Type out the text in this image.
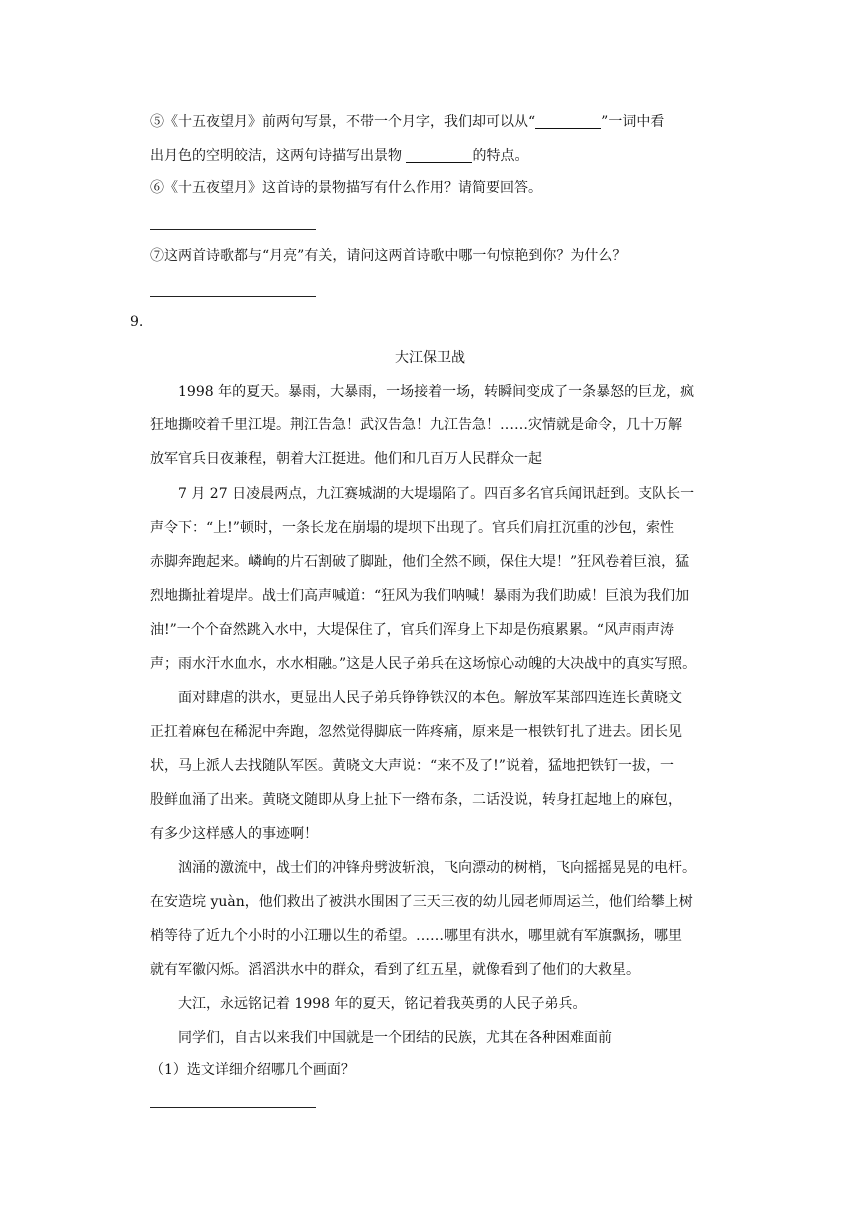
⑤《十五夜望月》前两句写景，不带一个月字，我们却可以从“	”一词中看
出月色的空明皎洁，这两句诗描写出景物	的特点。
⑥《十五夜望月》这首诗的景物描写有什么作用？请简要回答。
⑦这两首诗歌都与“月亮”有关，请问这两首诗歌中哪一句惊艳到你？为什么？
9.
大江保卫战
1998 年的夏天。暴雨，大暴雨，一场接着一场，转瞬间变成了一条暴怒的巨龙，疯
狂地撕咬着千里江堤。荆江告急！武汉告急！九江告急！……灾情就是命令，几十万解
放军官兵日夜兼程，朝着大江挺进。他们和几百万人民群众一起
7 月 27 日凌晨两点，九江赛城湖的大堤塌陷了。四百多名官兵闻讯赶到。支队长一
声令下：“上!”顿时，一条长龙在崩塌的堤坝下出现了。官兵们肩扛沉重的沙包，索性
赤脚奔跑起来。嶙峋的片石割破了脚趾，他们全然不顾，保住大堤！”狂风卷着巨浪，猛
烈地撕扯着堤岸。战士们高声喊道：“狂风为我们呐喊！暴雨为我们助威！巨浪为我们加
油!”一个个奋然跳入水中，大堤保住了，官兵们浑身上下却是伤痕累累。“风声雨声涛
声；雨水汗水血水，水水相融。”这是人民子弟兵在这场惊心动魄的大决战中的真实写照。
面对肆虐的洪水，更显出人民子弟兵铮铮铁汉的本色。解放军某部四连连长黄晓文
正扛着麻包在稀泥中奔跑，忽然觉得脚底一阵疼痛，原来是一根铁钉扎了进去。团长见
状，马上派人去找随队军医。黄晓文大声说：“来不及了!”说着，猛地把铁钉一拔，一
股鲜血涌了出来。黄晓文随即从身上扯下一绺布条，二话没说，转身扛起地上的麻包，
有多少这样感人的事迹啊！
汹涌的激流中，战士们的冲锋舟劈波斩浪，飞向漂动的树梢，飞向摇摇晃晃的电杆。
在安造垸 yuàn，他们救出了被洪水围困了三天三夜的幼儿园老师周运兰，他们给攀上树
梢等待了近九个小时的小江珊以生的希望。……哪里有洪水，哪里就有军旗飘扬，哪里
就有军徽闪烁。滔滔洪水中的群众，看到了红五星，就像看到了他们的大救星。
大江，永远铭记着 1998 年的夏天，铭记着我英勇的人民子弟兵。
同学们，自古以来我们中国就是一个团结的民族，尤其在各种困难面前
（1）选文详细介绍哪几个画面？
